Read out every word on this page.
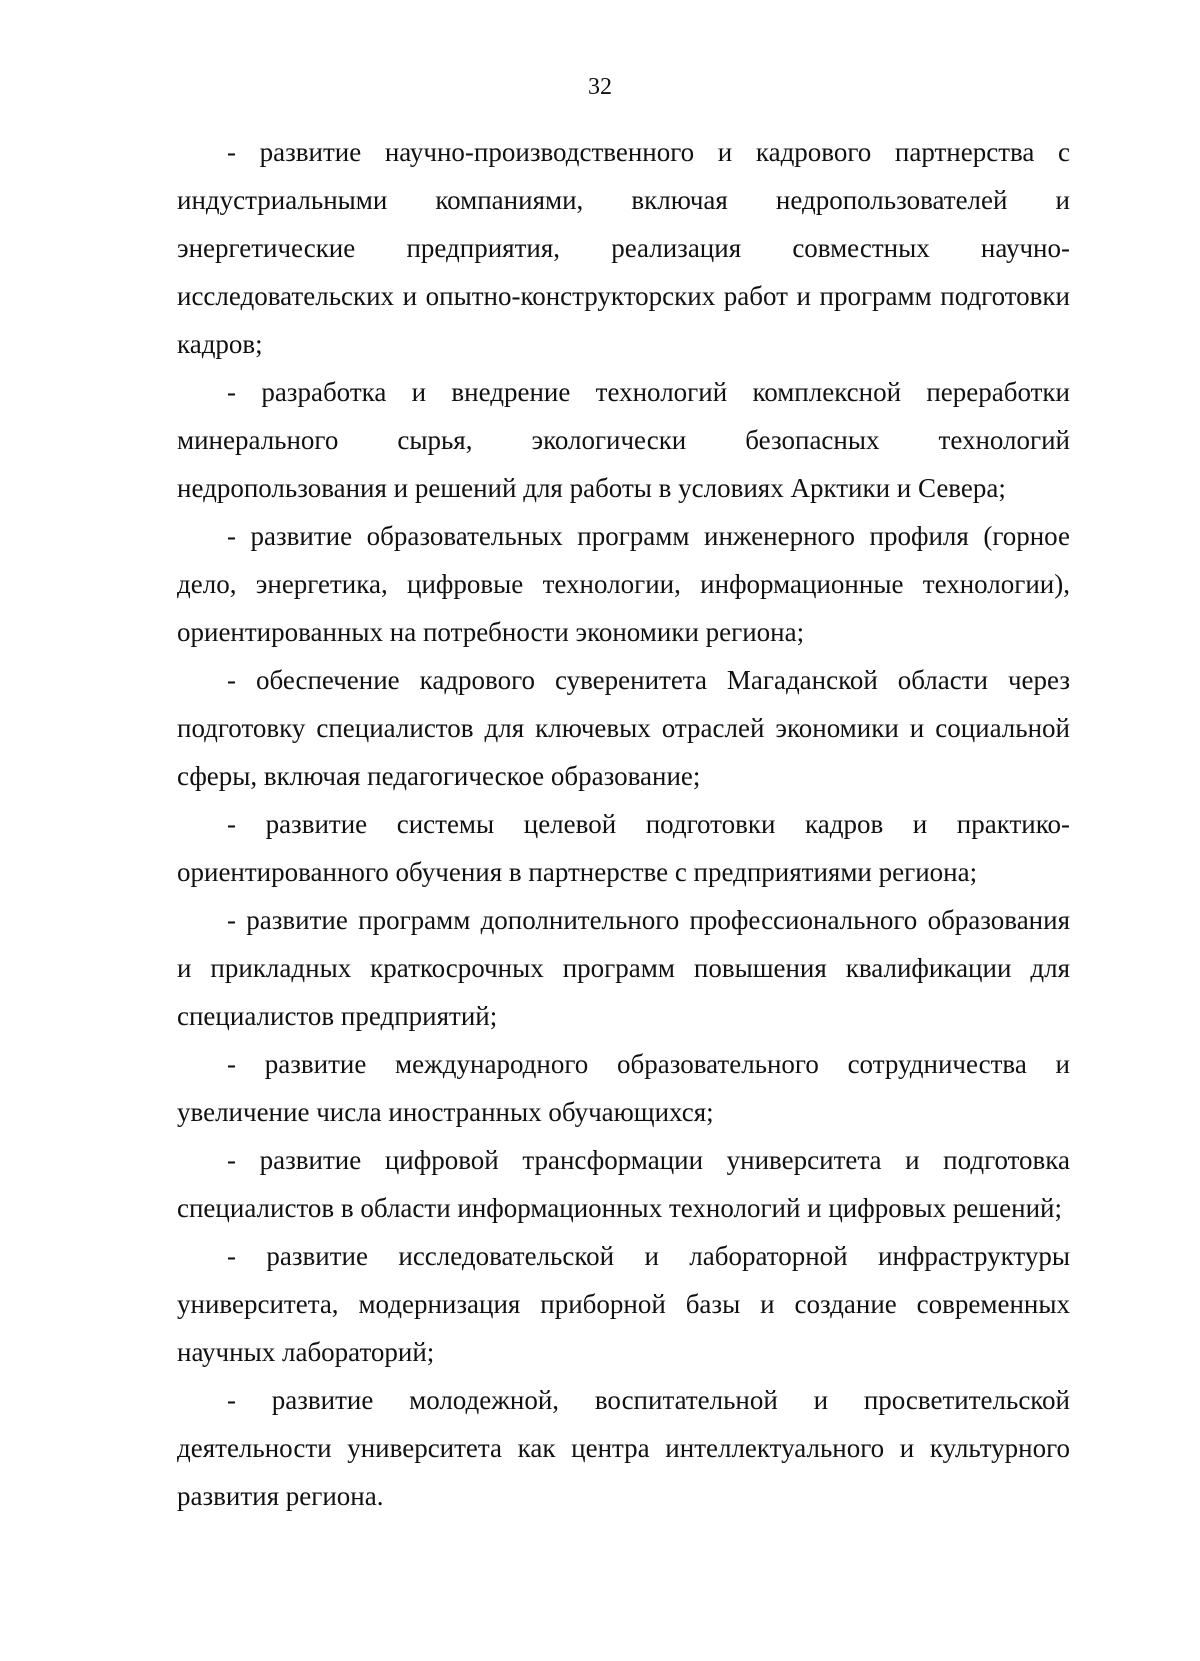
32

- развитие научно-производственного и кадрового партнерства с индустриальными компаниями, включая недропользователей и энергетические предприятия, реализация совместных научно-исследовательских и опытно-конструкторских работ и программ подготовки кадров;

- разработка и внедрение технологий комплексной переработки минерального сырья, экологически безопасных технологий недропользования и решений для работы в условиях Арктики и Севера;

- развитие образовательных программ инженерного профиля (горное дело, энергетика, цифровые технологии, информационные технологии), ориентированных на потребности экономики региона;

- обеспечение кадрового суверенитета Магаданской области через подготовку специалистов для ключевых отраслей экономики и социальной сферы, включая педагогическое образование;

- развитие системы целевой подготовки кадров и практико-ориентированного обучения в партнерстве с предприятиями региона;

- развитие программ дополнительного профессионального образования и прикладных краткосрочных программ повышения квалификации для специалистов предприятий;

- развитие международного образовательного сотрудничества и увеличение числа иностранных обучающихся;

- развитие цифровой трансформации университета и подготовка специалистов в области информационных технологий и цифровых решений;

- развитие исследовательской и лабораторной инфраструктуры университета, модернизация приборной базы и создание современных научных лабораторий;

- развитие молодежной, воспитательной и просветительской деятельности университета как центра интеллектуального и культурного развития региона.
